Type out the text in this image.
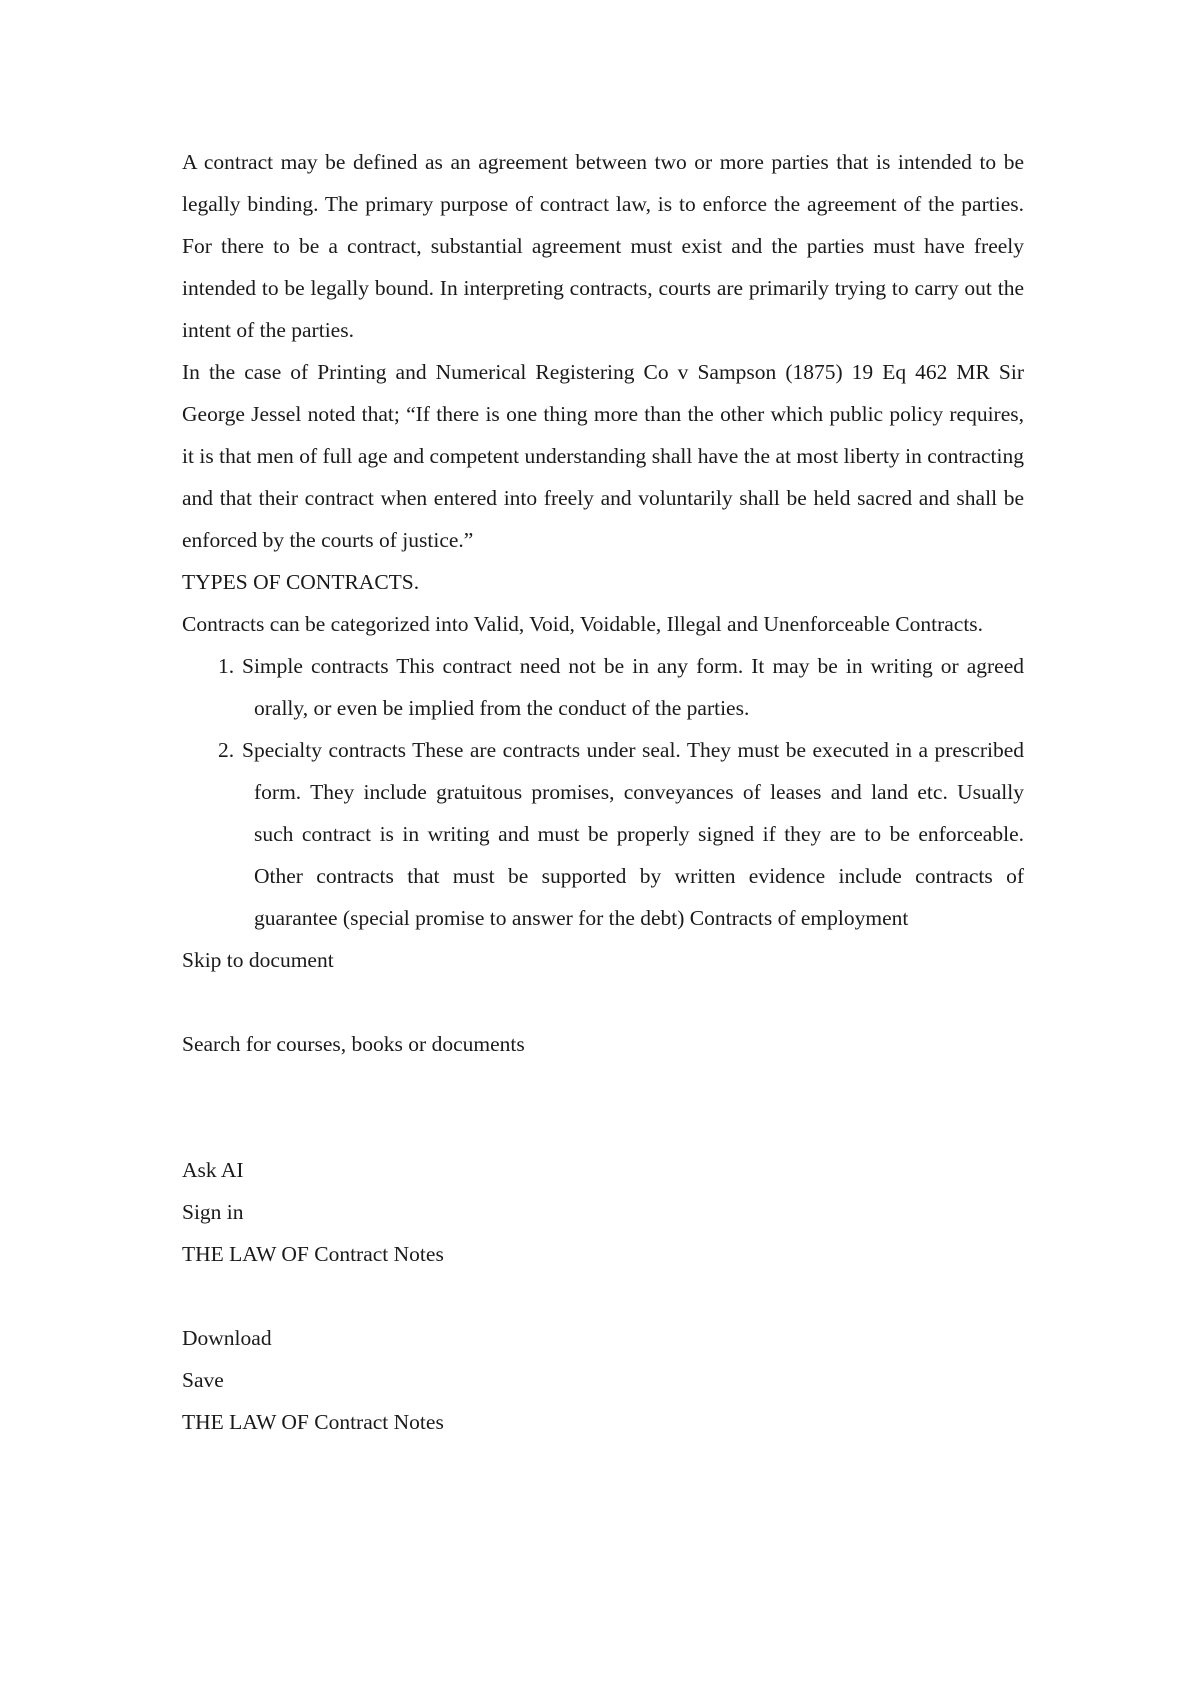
A contract may be defined as an agreement between two or more parties that is intended to be legally binding. The primary purpose of contract law, is to enforce the agreement of the parties. For there to be a contract, substantial agreement must exist and the parties must have freely intended to be legally bound. In interpreting contracts, courts are primarily trying to carry out the intent of the parties.

In the case of Printing and Numerical Registering Co v Sampson (1875) 19 Eq 462 MR Sir George Jessel noted that; “If there is one thing more than the other which public policy requires, it is that men of full age and competent understanding shall have the at most liberty in contracting and that their contract when entered into freely and voluntarily shall be held sacred and shall be enforced by the courts of justice.”

TYPES OF CONTRACTS.

Contracts can be categorized into Valid, Void, Voidable, Illegal and Unenforceable Contracts.

1. Simple contracts This contract need not be in any form. It may be in writing or agreed orally, or even be implied from the conduct of the parties.
2. Specialty contracts These are contracts under seal. They must be executed in a prescribed form. They include gratuitous promises, conveyances of leases and land etc. Usually such contract is in writing and must be properly signed if they are to be enforceable. Other contracts that must be supported by written evidence include contracts of guarantee (special promise to answer for the debt) Contracts of employment

Skip to document

Search for courses, books or documents

Ask AI

Sign in

THE LAW OF Contract Notes

Download

Save

THE LAW OF Contract Notes
